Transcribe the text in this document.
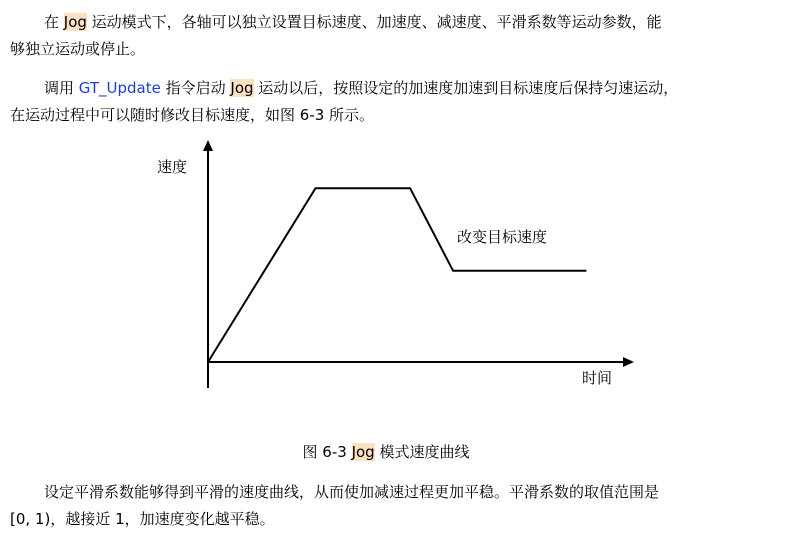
在 Jog 运动模式下，各轴可以独立设置目标速度、加速度、减速度、平滑系数等运动参数，能
够独立运动或停止。
调用 GT_Update 指令启动 Jog 运动以后，按照设定的加速度加速到目标速度后保持匀速运动，
在运动过程中可以随时修改目标速度，如图 6-3 所示。
速度
时间
改变目标速度
图 6-3 Jog 模式速度曲线
设定平滑系数能够得到平滑的速度曲线，从而使加减速过程更加平稳。平滑系数的取值范围是
[0, 1)，越接近 1，加速度变化越平稳。
